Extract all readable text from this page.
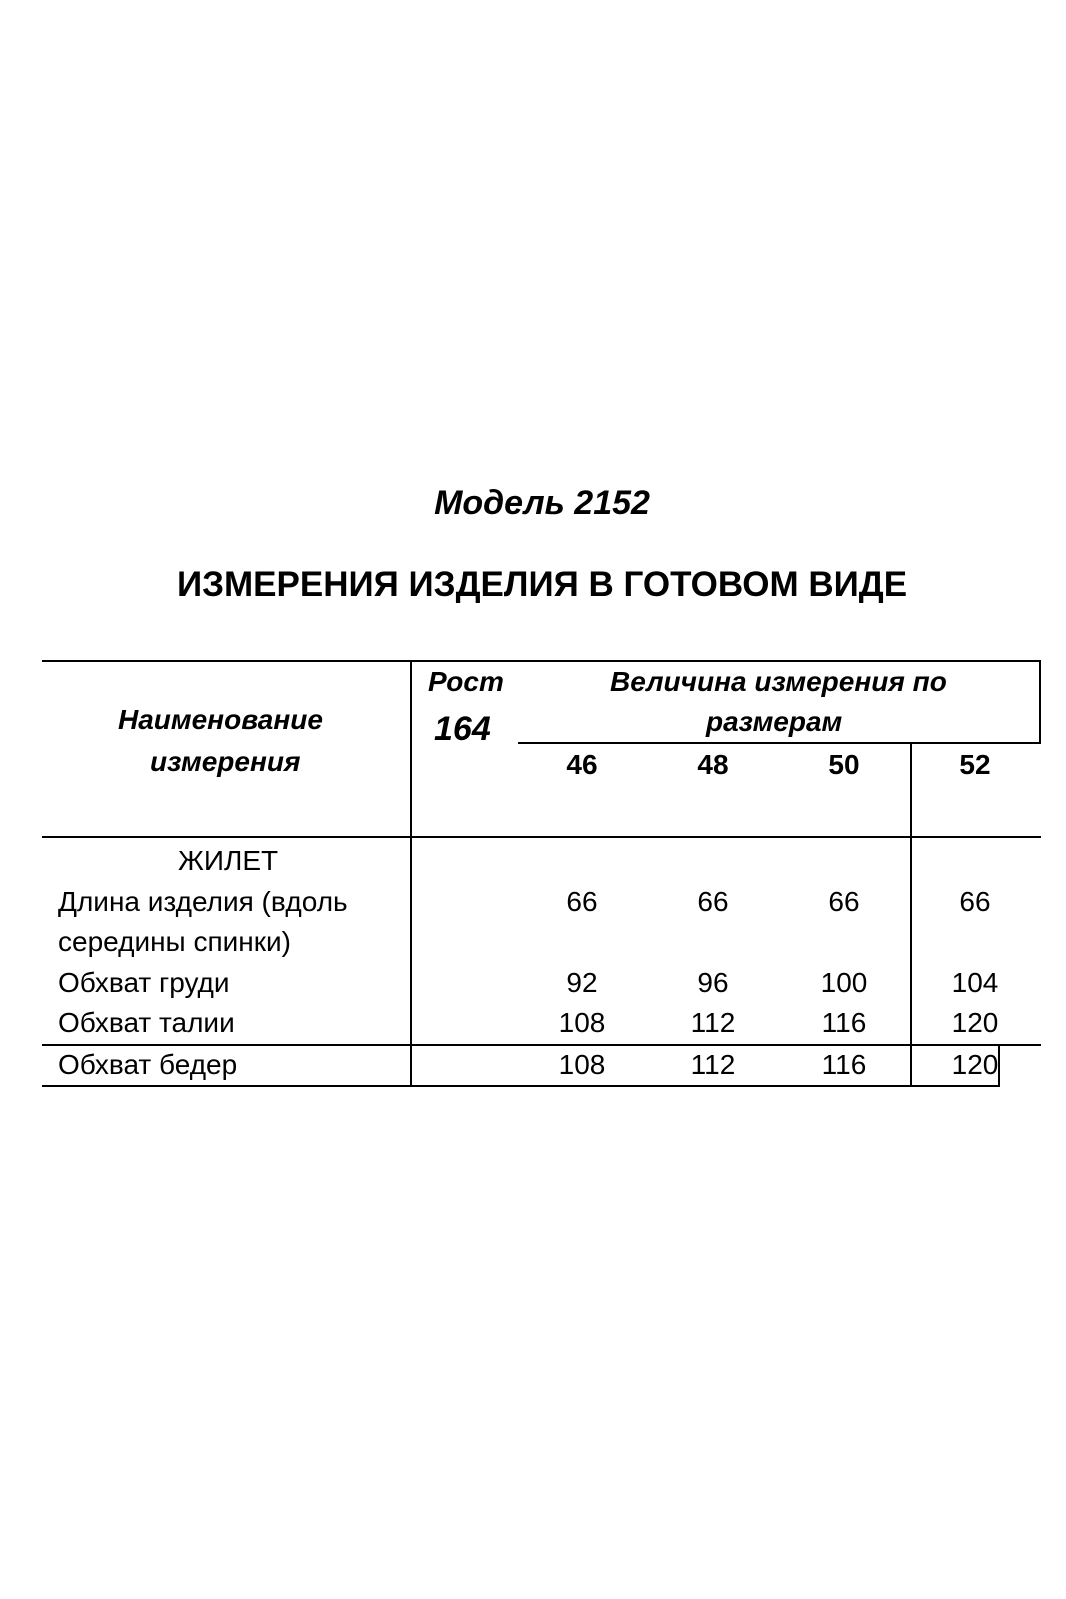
Модель 2152
ИЗМЕРЕНИЯ ИЗДЕЛИЯ В ГОТОВОМ ВИДЕ
Наименование
измерения
Рост
164
Величина измерения по
размерам
46	48	50	52
ЖИЛЕТ
Длина изделия (вдоль
середины спинки)
66	66	66	66
Обхват груди	92	96	100	104
Обхват талии	108	112	116	120
Обхват бедер	108	112	116	120
